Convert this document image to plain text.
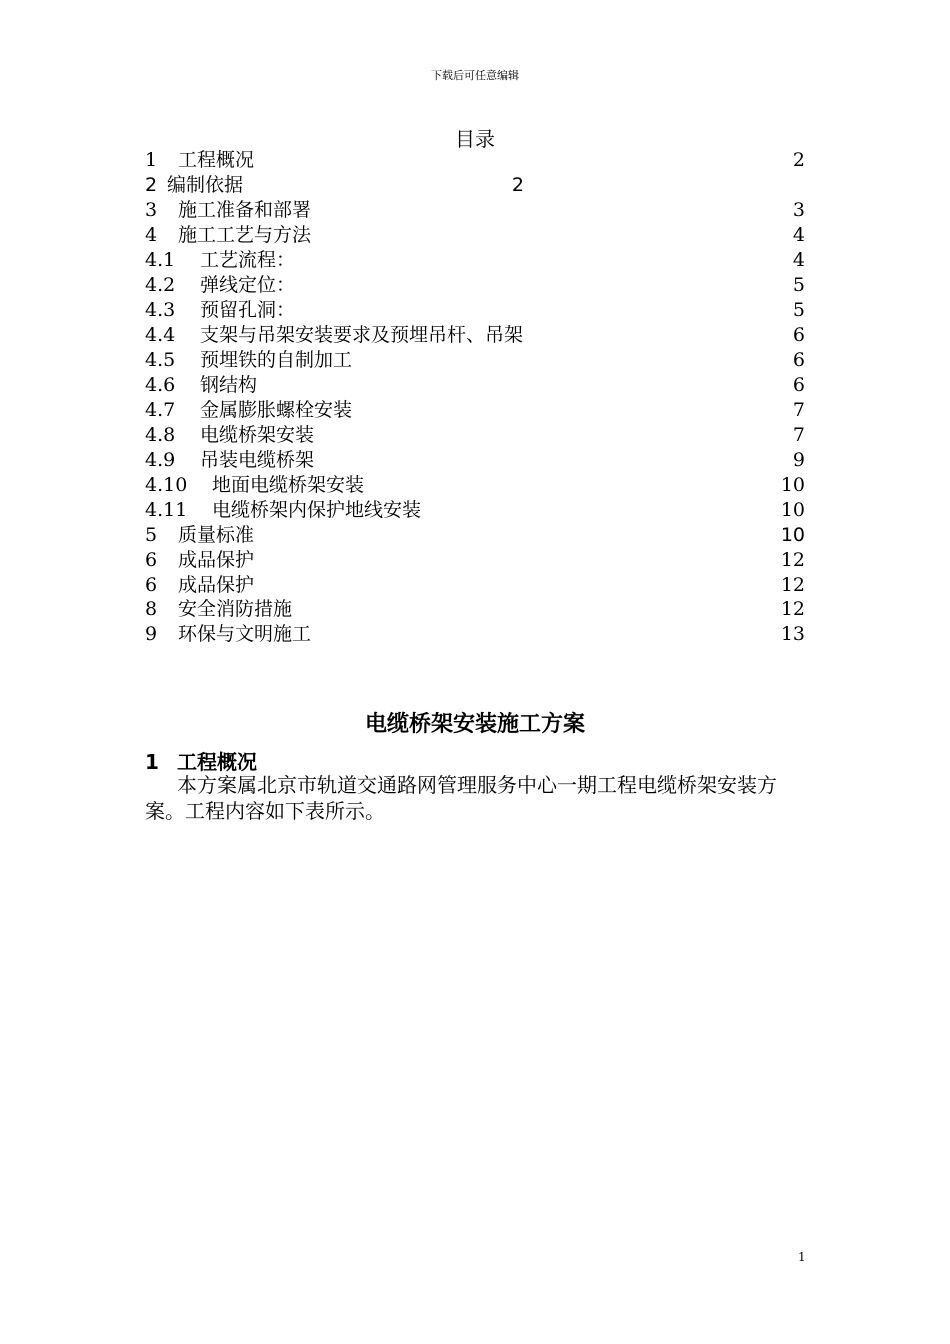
下载后可任意编辑
目录
1 工程概况	2
2 编制依据	2
3 施工准备和部署	3
4 施工工艺与方法	4
4.1 工艺流程：	4
4.2 弹线定位：	5
4.3 预留孔洞：	5
4.4 支架与吊架安装要求及预埋吊杆、吊架	6
4.5 预埋铁的自制加工	6
4.6 钢结构	6
4.7 金属膨胀螺栓安装	7
4.8 电缆桥架安装	7
4.9 吊装电缆桥架	9
4.10 地面电缆桥架安装	10
4.11 电缆桥架内保护地线安装	10
5 质量标准	10
6 成品保护	12
6 成品保护	12
8 安全消防措施	12
9 环保与文明施工	13
电缆桥架安装施工方案
1 工程概况
本方案属北京市轨道交通路网管理服务中心一期工程电缆桥架安装方案。工程内容如下表所示。
1
